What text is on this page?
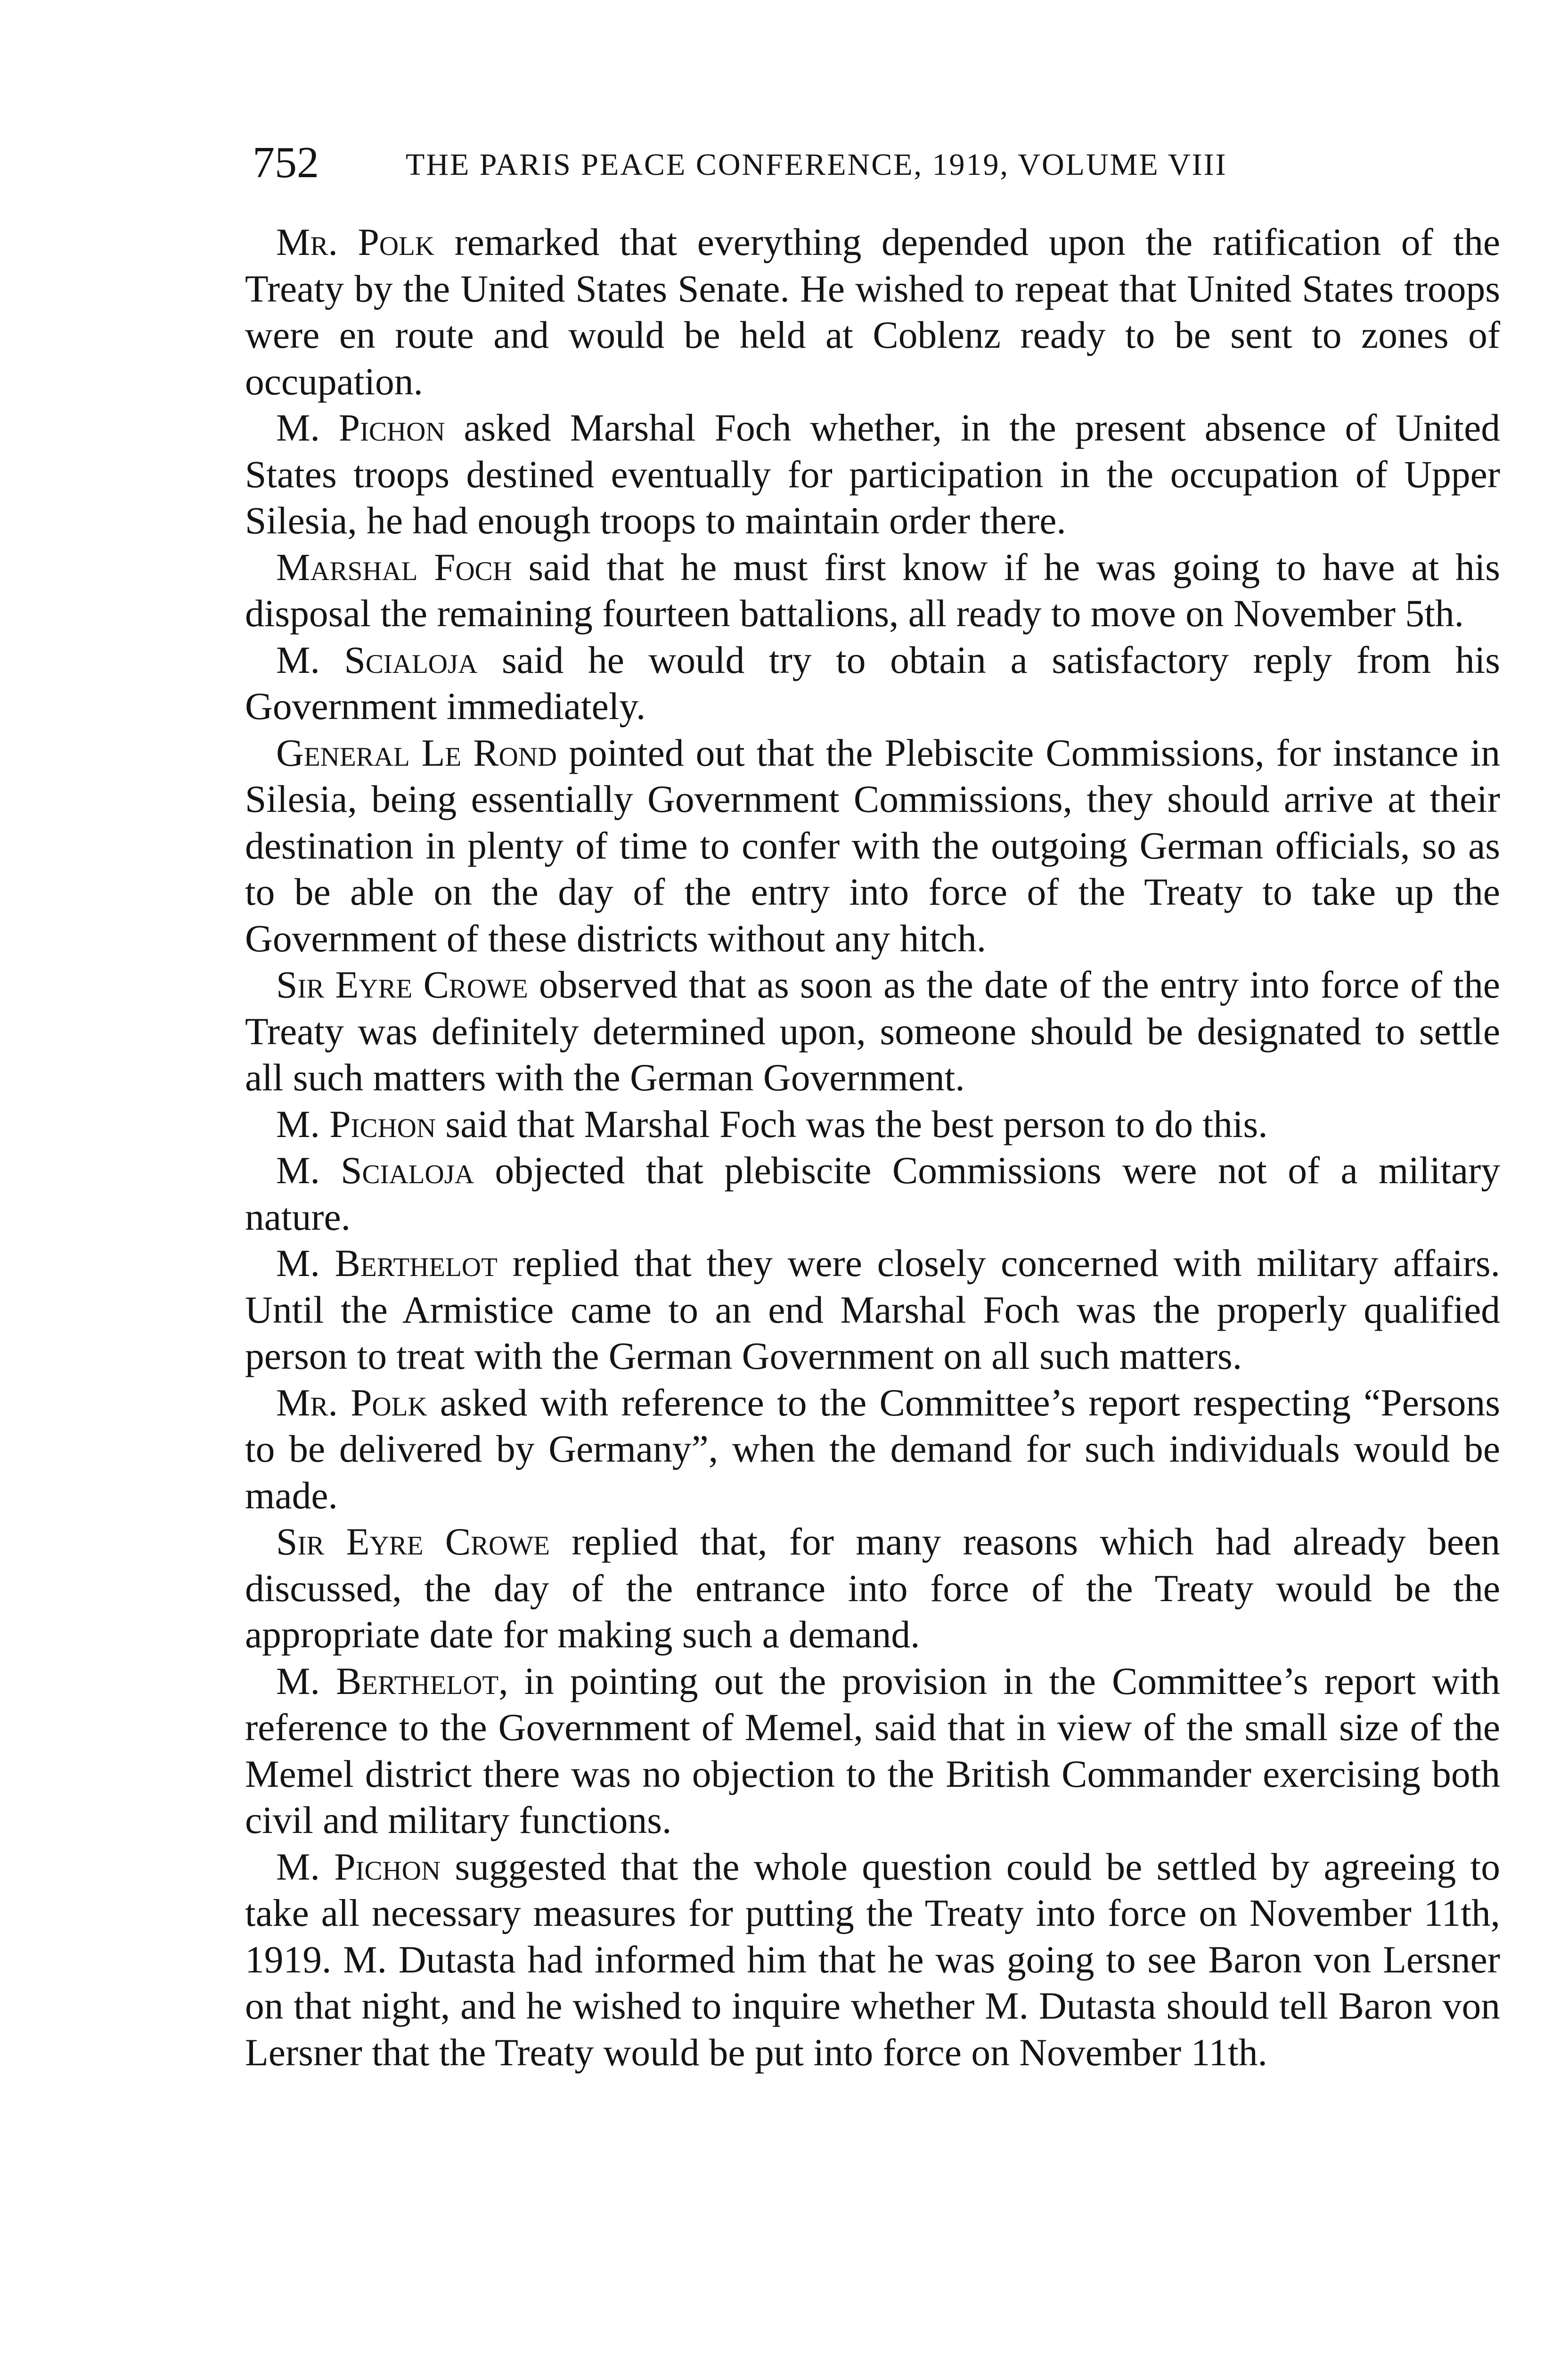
752	THE PARIS PEACE CONFERENCE, 1919, VOLUME VIII

Mr. Polk remarked that everything depended upon the ratification of the Treaty by the United States Senate. He wished to repeat that United States troops were en route and would be held at Coblenz ready to be sent to zones of occupation.

M. Pichon asked Marshal Foch whether, in the present absence of United States troops destined eventually for participation in the occupation of Upper Silesia, he had enough troops to maintain order there.

Marshal Foch said that he must first know if he was going to have at his disposal the remaining fourteen battalions, all ready to move on November 5th.

M. Scialoja said he would try to obtain a satisfactory reply from his Government immediately.

General Le Rond pointed out that the Plebiscite Commissions, for instance in Silesia, being essentially Government Commissions, they should arrive at their destination in plenty of time to confer with the outgoing German officials, so as to be able on the day of the entry into force of the Treaty to take up the Government of these districts without any hitch.

Sir Eyre Crowe observed that as soon as the date of the entry into force of the Treaty was definitely determined upon, someone should be designated to settle all such matters with the German Government.

M. Pichon said that Marshal Foch was the best person to do this.

M. Scialoja objected that plebiscite Commissions were not of a military nature.

M. Berthelot replied that they were closely concerned with military affairs. Until the Armistice came to an end Marshal Foch was the properly qualified person to treat with the German Government on all such matters.

Mr. Polk asked with reference to the Committee’s report respecting “Persons to be delivered by Germany”, when the demand for such individuals would be made.

Sir Eyre Crowe replied that, for many reasons which had already been discussed, the day of the entrance into force of the Treaty would be the appropriate date for making such a demand.

M. Berthelot, in pointing out the provision in the Committee’s report with reference to the Government of Memel, said that in view of the small size of the Memel district there was no objection to the British Commander exercising both civil and military functions.

M. Pichon suggested that the whole question could be settled by agreeing to take all necessary measures for putting the Treaty into force on November 11th, 1919. M. Dutasta had informed him that he was going to see Baron von Lersner on that night, and he wished to inquire whether M. Dutasta should tell Baron von Lersner that the Treaty would be put into force on November 11th.
